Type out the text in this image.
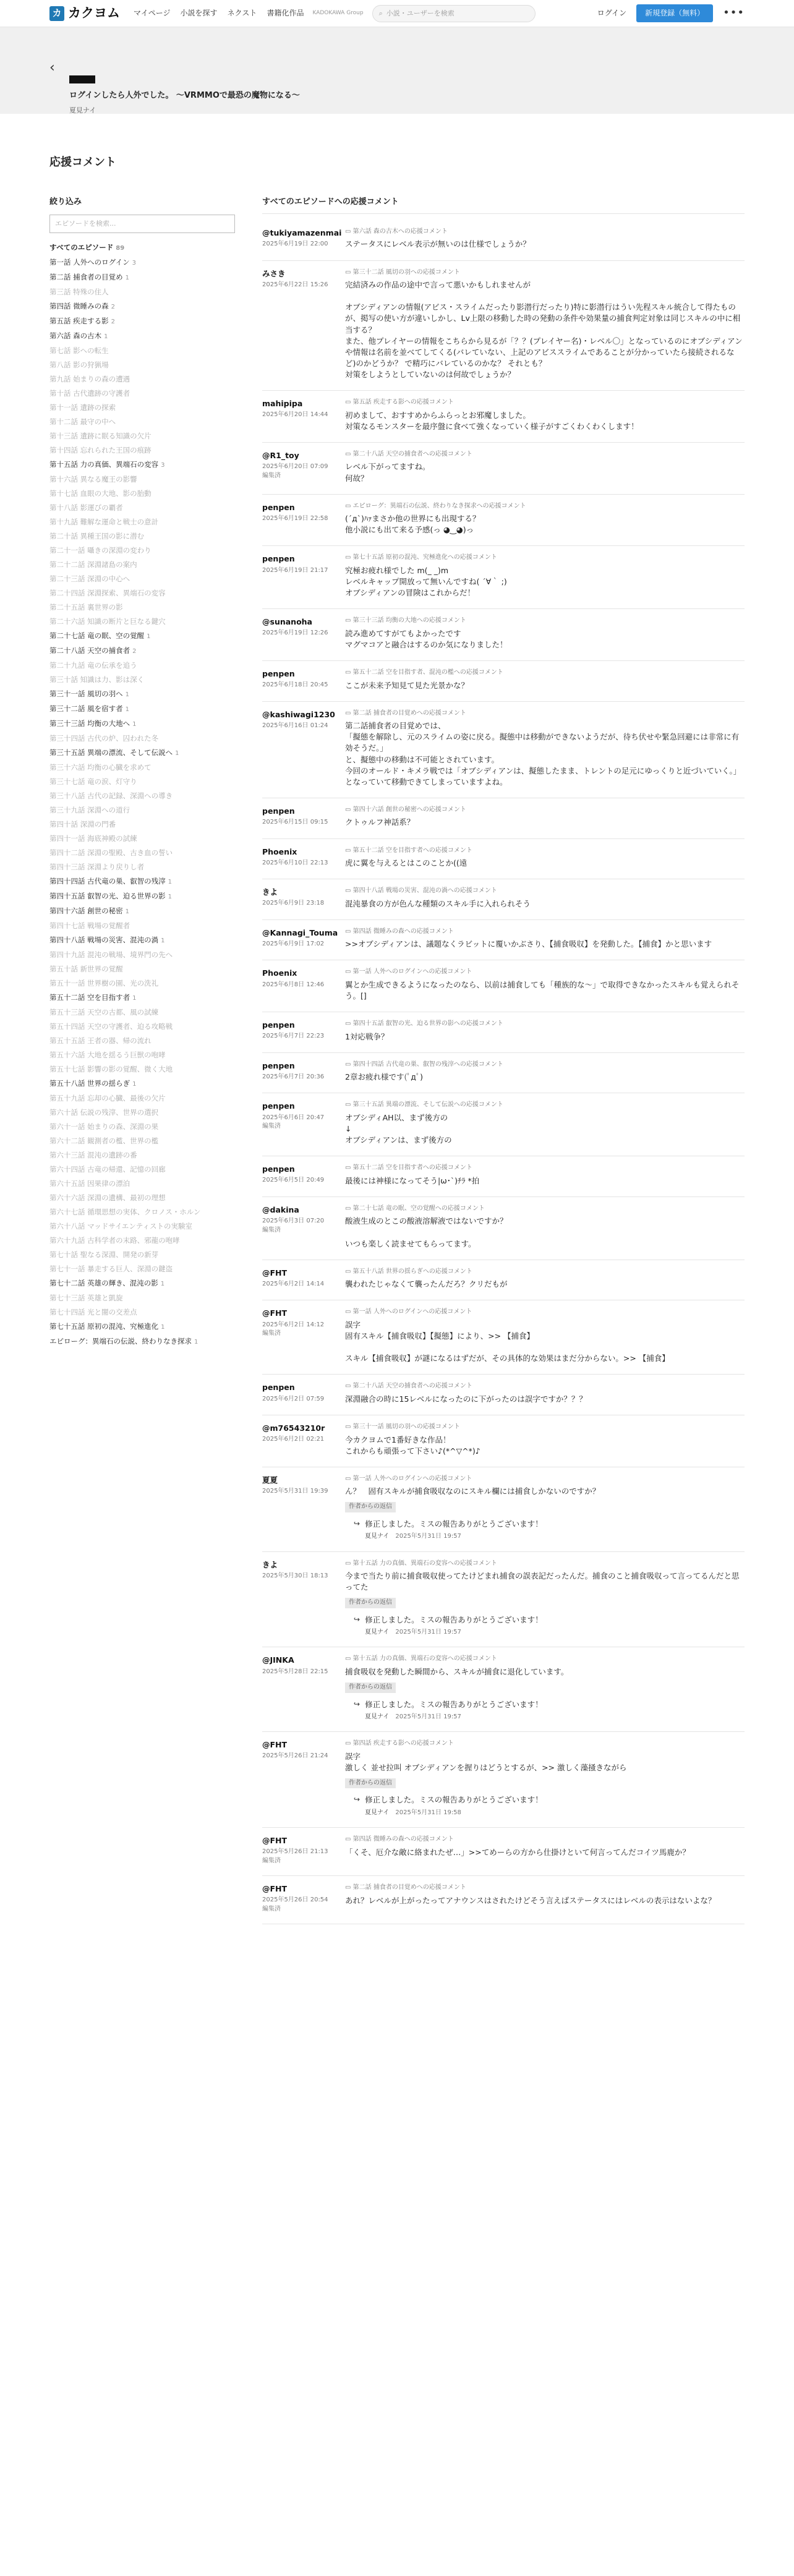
カ カクヨム マイページ 小説を探す ネクスト 書籍化作品 KADOKAWA Group ⌕ 小説・ユーザーを検索	ログイン	新規登録（無料）	•••
‹
ログインしたら人外でした。 〜VRMMOで最恐の魔物になる〜
夏見ナイ
応援コメント
絞り込み
エピソードを検索...
すべてのエピソード 89
第一話 人外へのログイン 3
第二話 捕食者の目覚め 1
第三話 特殊の住人
第四話 微睡みの森 2
第五話 疾走する影 2
第六話 森の古木 1
第七話 影への転生
第八話 影の狩猟場
第九話 始まりの森の遭遇
第十話 古代遺跡の守護者
第十一話 遺跡の探索
第十二話 最守の中へ
第十三話 遺跡に眠る知識の欠片
第十四話 忘れられた王国の痕跡
第十五話 力の真価、異端石の変容 3
第十六話 異なる魔王の影響
第十七話 血眼の大地、影の胎動
第十八話 影運びの覇者
第十九話 難解な運命と戦士の意計
第二十話 異種王国の影に潜む
第二十一話 囁きの深淵の変わり
第二十二話 深淵諸島の案内
第二十三話 深淵の中心へ
第二十四話 深淵探索、異端石の変容
第二十五話 裏世界の影
第二十六話 知識の断片と巨なる鍵穴
第二十七話 竜の眠、空の覚醒 1
第二十八話 天空の捕食者 2
第二十九話 竜の伝承を追う
第三十話 知識は力、影は深く
第三十一話 風切の羽へ 1
第三十二話 風を宿す者 1
第三十三話 均衡の大地へ 1
第三十四話 古代の炉、囚われた冬
第三十五話 異端の漂流、そして伝説へ 1
第三十六話 均衡の心臓を求めて
第三十七話 竜の涙、灯守り
第三十八話 古代の記録、深淵への導き
第三十九話 深淵への道行
第四十話 深淵の門番
第四十一話 海底神殿の試練
第四十二話 深淵の聖殿、古き血の誓い
第四十三話 深淵より戻りし者
第四十四話 古代竜の巣、叡智の残滓 1
第四十五話 叡智の光、迫る世界の影 1
第四十六話 創世の秘密 1
第四十七話 戦場の覚醒者
第四十八話 戦場の災害、混沌の渦 1
第四十九話 混沌の戦場、境界門の先へ
第五十話 新世界の覚醒
第五十一話 世界樹の園、光の洗礼
第五十二話 空を目指す者 1
第五十三話 天空の古都、風の試練
第五十四話 天空の守護者、迫る攻略戦
第五十五話 王者の器、帰の流れ
第五十六話 大地を揺るう巨獣の咆哮
第五十七話 影響の影の覚醒、微く大地
第五十八話 世界の揺らぎ 1
第五十九話 忘却の心臓、最後の欠片
第六十話 伝説の残滓、世界の選択
第六十一話 始まりの森、深淵の果
第六十二話 観測者の檻、世界の檻
第六十三話 混沌の遺跡の番
第六十四話 古竜の帰還、記憶の回廊
第六十五話 因果律の漂泊
第六十六話 深淵の遺構、最初の理想
第六十七話 循環思想の実体、クロノス・ホルン
第六十八話 マッドサイエンティストの実験室
第六十九話 古科学者の末路、邪龍の咆哮
第七十話 聖なる深淵、開発の新芽
第七十一話 暴走する巨人、深淵の鍵盗
第七十二話 英雄の輝き、混沌の影 1
第七十三話 英雄と凱旋
第七十四話 光と闇の交差点
第七十五話 原初の混沌、究極進化 1
エピローグ：異端石の伝説、終わりなき探求 1
すべてのエピソードへの応援コメント
@tukiyamazenmai
2025年6月19日 22:00
▭ 第六話 森の古木への応援コメント
ステータスにレベル表示が無いのは仕様でしょうか？
みさき
2025年6月22日 15:26
▭ 第三十二話 風切の羽への応援コメント
完結済みの作品の途中で言って悪いかもしれませんが

オブシディアンの情報(アビス・スライムだったり影潜行だったり)特に影潜行はうい先程スキル統合して得たものが、掲写の使い方が違いしかし、Lv上限の移動した時の発動の条件や効果量の捕食判定対象は同じスキルの中に相当する？
また、他プレイヤーの情報をこちらから見るが「？？(プレイヤー名)・レベル〇」となっているのにオブシディアンや情報は名前を並べてしてくる(バレていない、上記のアビススライムであることが分かっていたら接続されるなど)のかどうか？ で精巧にバレているのかな？ それとも？
対策をしようとしていないのは何故でしょうか？
mahipipa
2025年6月20日 14:44
▭ 第五話 疾走する影への応援コメント
初めまして、おすすめからふらっとお邪魔しました。
対策なるモンスターを最序盤に食べて強くなっていく様子がすごくわくわくします！
@R1_toy
2025年6月20日 07:09
編集済
▭ 第二十八話 天空の捕食者への応援コメント
レベル下がってますね。
何故？
penpen
2025年6月19日 22:58
▭ エピローグ：異端石の伝説、終わりなき探求への応援コメント
(´д`)ﾊｧまさか他の世界にも出現する？
他小説にも出て来る予感(っ ◕‿◕)っ
penpen
2025年6月19日 21:17
▭ 第七十五話 原初の混沌、究極進化への応援コメント
究極お疲れ様でした m(_ _)m
レベルキャップ開放って無いんですね( ´∀｀ ;)
オブシディアンの冒険はこれからだ！
@sunanoha
2025年6月19日 12:26
▭ 第三十三話 均衡の大地への応援コメント
読み進めてすがてもよかったです
マグマコアと融合はするのか気になりました！
penpen
2025年6月18日 20:45
▭ 第五十二話 空を目指す者、混沌の檻への応援コメント
ここが未来予知見て見た光景かな？
@kashiwagi1230
2025年6月16日 01:24
▭ 第二話 捕食者の目覚めへの応援コメント
第二話捕食者の目覚めでは、
「擬態を解除し、元のスライムの姿に戻る。擬態中は移動ができないようだが、待ち伏せや緊急回避には非常に有効そうだ。」
と、擬態中の移動は不可能とされています。
今回のオールド・キメラ戦では「オブシディアンは、擬態したまま、トレントの足元にゆっくりと近づいていく。」となっていて移動できてしまっていますよね。
penpen
2025年6月15日 09:15
▭ 第四十六話 創世の秘密への応援コメント
クトゥルフ神話系？
Phoenix
2025年6月10日 22:13
▭ 第五十二話 空を目指す者への応援コメント
虎に翼を与えるとはこのことか((遠
きよ
2025年6月9日 23:18
▭ 第四十八話 戦場の災害、混沌の渦への応援コメント
混沌暴食の方が色んな種類のスキル手に入れられそう
@Kannagi_Touma
2025年6月9日 17:02
▭ 第四話 微睡みの森への応援コメント
>>オブシディアンは、議題なくラビットに覆いかぶさり、【捕食吸収】を発動した。【捕食】かと思います
Phoenix
2025年6月8日 12:46
▭ 第一話 人外へのログインへの応援コメント
翼とか生成できるようになったのなら、以前は捕食しても「種族的な～」で取得できなかったスキルも覚えられそう。[]
penpen
2025年6月7日 22:23
▭ 第四十五話 叡智の光、迫る世界の影への応援コメント
1対応戦争？
penpen
2025年6月7日 20:36
▭ 第四十四話 古代竜の巣、叡智の残滓への応援コメント
2章お疲れ様です(ﾟдﾟ)
penpen
2025年6月6日 20:47
編集済
▭ 第三十五話 異端の漂流、そして伝説への応援コメント
オブシディAH以、まず後方の
↓
オブシディアンは、まず後方の
penpen
2025年6月5日 20:49
▭ 第五十二話 空を目指す者への応援コメント
最後には神様になってそう|ω･`)ﾁﾗ *拍
@dakina
2025年6月3日 07:20
編集済
▭ 第二十七話 竜の眠、空の覚醒への応援コメント
酸液生成のとこの酸液溶解液ではないですか？

いつも楽しく読ませてもらってます。
@FHT
2025年6月2日 14:14
▭ 第五十八話 世界の揺らぎへの応援コメント
襲われたじゃなくて襲ったんだろ？クリだもが
@FHT
2025年6月2日 14:12
編集済
▭ 第一話 人外へのログインへの応援コメント
誤字
固有スキル【捕食吸収】【擬態】により、>> 【捕食】

スキル【捕食吸収】が謎になるはずだが、その具体的な効果はまだ分からない。>> 【捕食】
penpen
2025年6月2日 07:59
▭ 第二十八話 天空の捕食者への応援コメント
深淵融合の時に15レベルになったのに下がったのは誤字ですか？？？
@m76543210r
2025年6月2日 02:21
▭ 第三十一話 風切の羽への応援コメント
今カクヨムで1番好きな作品！
これからも頑張って下さい♪(*^▽^*)♪
夏夏
2025年5月31日 19:39
▭ 第一話 人外へのログインへの応援コメント
ん？　固有スキルが捕食吸収なのにスキル欄には捕食しかないのですか？
作者からの返信
↪ 修正しました。ミスの報告ありがとうございます！
夏見ナイ　 2025年5月31日 19:57
きよ
2025年5月30日 18:13
▭ 第十五話 力の真価、異端石の変容への応援コメント
今まで当たり前に捕食吸収使ってたけどまれ捕食の誤表記だったんだ。捕食のこと捕食吸収って言ってるんだと思ってた
作者からの返信
↪ 修正しました。ミスの報告ありがとうございます！
夏見ナイ　 2025年5月31日 19:57
@JINKA
2025年5月28日 22:15
▭ 第十五話 力の真価、異端石の変容への応援コメント
捕食吸収を発動した瞬間から、スキルが捕食に退化しています。
作者からの返信
↪ 修正しました。ミスの報告ありがとうございます！
夏見ナイ　 2025年5月31日 19:57
@FHT
2025年5月26日 21:24
▭ 第四話 疾走する影への応援コメント
誤字
激しく 並せ拉叫 オブシディアンを握りはどうとするが、>> 激しく藻掻きながら
作者からの返信
↪ 修正しました。ミスの報告ありがとうございます！
夏見ナイ　 2025年5月31日 19:58
@FHT
2025年5月26日 21:13
編集済
▭ 第四話 微睡みの森への応援コメント
「くそ、厄介な敵に絡まれたぜ…」>>てめーらの方から仕掛けといて何言ってんだコイツ馬鹿か？
@FHT
2025年5月26日 20:54
編集済
▭ 第二話 捕食者の目覚めへの応援コメント
あれ？レベルが上がったってアナウンスはされたけどそう言えばステータスにはレベルの表示はないよな？
